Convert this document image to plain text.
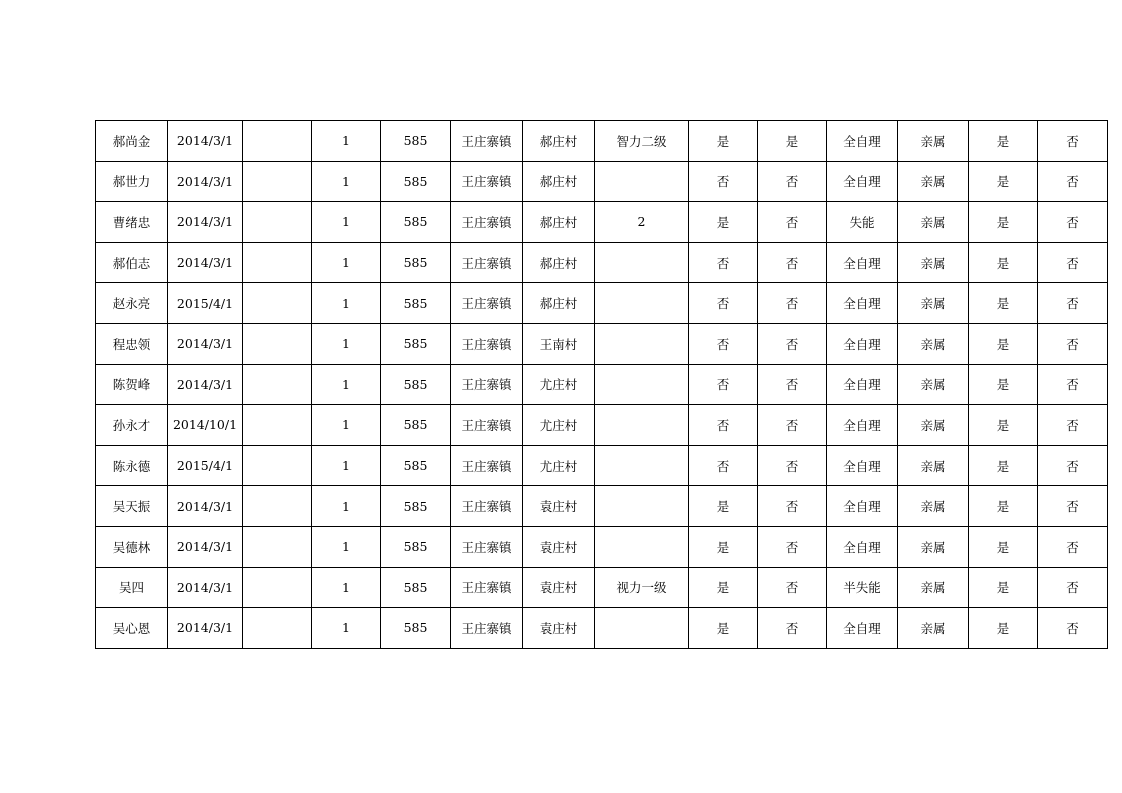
郝尚金	2014/3/1		1	585	王庄寨镇	郝庄村	智力二级	是	是	全自理	亲属	是	否
郝世力	2014/3/1		1	585	王庄寨镇	郝庄村		否	否	全自理	亲属	是	否
曹绪忠	2014/3/1		1	585	王庄寨镇	郝庄村	2	是	否	失能	亲属	是	否
郝伯志	2014/3/1		1	585	王庄寨镇	郝庄村		否	否	全自理	亲属	是	否
赵永亮	2015/4/1		1	585	王庄寨镇	郝庄村		否	否	全自理	亲属	是	否
程忠领	2014/3/1		1	585	王庄寨镇	王南村		否	否	全自理	亲属	是	否
陈贺峰	2014/3/1		1	585	王庄寨镇	尤庄村		否	否	全自理	亲属	是	否
孙永才	2014/10/1		1	585	王庄寨镇	尤庄村		否	否	全自理	亲属	是	否
陈永德	2015/4/1		1	585	王庄寨镇	尤庄村		否	否	全自理	亲属	是	否
吴天振	2014/3/1		1	585	王庄寨镇	袁庄村		是	否	全自理	亲属	是	否
吴德林	2014/3/1		1	585	王庄寨镇	袁庄村		是	否	全自理	亲属	是	否
吴四	2014/3/1		1	585	王庄寨镇	袁庄村	视力一级	是	否	半失能	亲属	是	否
吴心恩	2014/3/1		1	585	王庄寨镇	袁庄村		是	否	全自理	亲属	是	否
